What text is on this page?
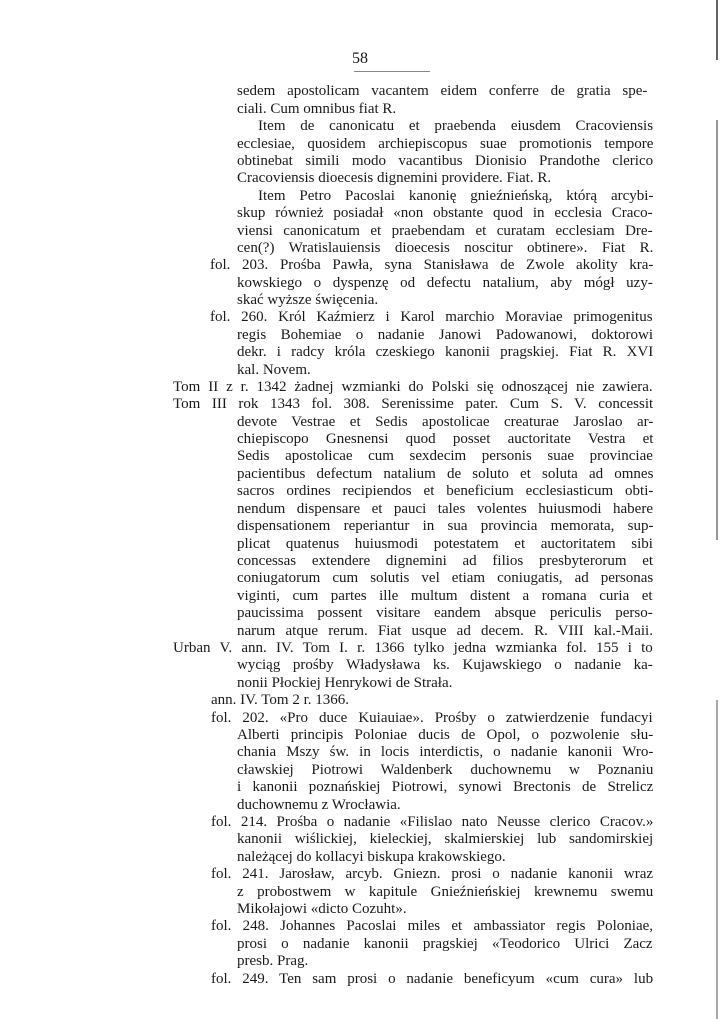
58
sedem apostolicam vacantem eidem conferre de gratia spe-
ciali. Cum omnibus fiat R.
Item de canonicatu et praebenda eiusdem Cracoviensis
ecclesiae, quosidem archiepiscopus suae promotionis tempore
obtinebat simili modo vacantibus Dionisio Prandothe clerico
Cracoviensis dioecesis dignemini providere. Fiat. R.
Item Petro Pacoslai kanonię gnieźnieńską, którą arcybi-
skup również posiadał «non obstante quod in ecclesia Craco-
viensi canonicatum et praebendam et curatam ecclesiam Dre-
cen(?) Wratislauiensis dioecesis noscitur obtinere». Fiat R.
fol. 203. Prośba Pawła, syna Stanisława de Zwole akolity kra-
kowskiego o dyspenzę od defectu natalium, aby mógł uzy-
skać wyższe święcenia.
fol. 260. Król Kaźmierz i Karol marchio Moraviae primogenitus
regis Bohemiae o nadanie Janowi Padowanowi, doktorowi
dekr. i radcy króla czeskiego kanonii pragskiej. Fiat R. XVI
kal. Novem.
Tom II z r. 1342 żadnej wzmianki do Polski się odnoszącej nie zawiera.
Tom III rok 1343 fol. 308. Serenissime pater. Cum S. V. concessit
devote Vestrae et Sedis apostolicae creaturae Jaroslao ar-
chiepiscopo Gnesnensi quod posset auctoritate Vestra et
Sedis apostolicae cum sexdecim personis suae provinciae
pacientibus defectum natalium de soluto et soluta ad omnes
sacros ordines recipiendos et beneficium ecclesiasticum obti-
nendum dispensare et pauci tales volentes huiusmodi habere
dispensationem reperiantur in sua provincia memorata, sup-
plicat quatenus huiusmodi potestatem et auctoritatem sibi
concessas extendere dignemini ad filios presbyterorum et
coniugatorum cum solutis vel etiam coniugatis, ad personas
viginti, cum partes ille multum distent a romana curia et
paucissima possent visitare eandem absque periculis perso-
narum atque rerum. Fiat usque ad decem. R. VIII kal.-Maii.
Urban V. ann. IV. Tom I. r. 1366 tylko jedna wzmianka fol. 155 i to
wyciąg prośby Władysława ks. Kujawskiego o nadanie ka-
nonii Płockiej Henrykowi de Strała.
ann. IV. Tom 2 r. 1366.
fol. 202. «Pro duce Kuiauiae». Prośby o zatwierdzenie fundacyi
Alberti principis Poloniae ducis de Opol, o pozwolenie słu-
chania Mszy św. in locis interdictis, o nadanie kanonii Wro-
cławskiej Piotrowi Waldenberk duchownemu w Poznaniu
i kanonii poznańskiej Piotrowi, synowi Brectonis de Strelicz
duchownemu z Wrocławia.
fol. 214. Prośba o nadanie «Filislao nato Neusse clerico Cracov.»
kanonii wiślickiej, kieleckiej, skalmierskiej lub sandomirskiej
należącej do kollacyi biskupa krakowskiego.
fol. 241. Jarosław, arcyb. Gniezn. prosi o nadanie kanonii wraz
z probostwem w kapitule Gnieźnieńskiej krewnemu swemu
Mikołajowi «dicto Cozuht».
fol. 248. Johannes Pacoslai miles et ambassiator regis Poloniae,
prosi o nadanie kanonii pragskiej «Teodorico Ulrici Zacz
presb. Prag.
fol. 249. Ten sam prosi o nadanie beneficyum «cum cura» lub
